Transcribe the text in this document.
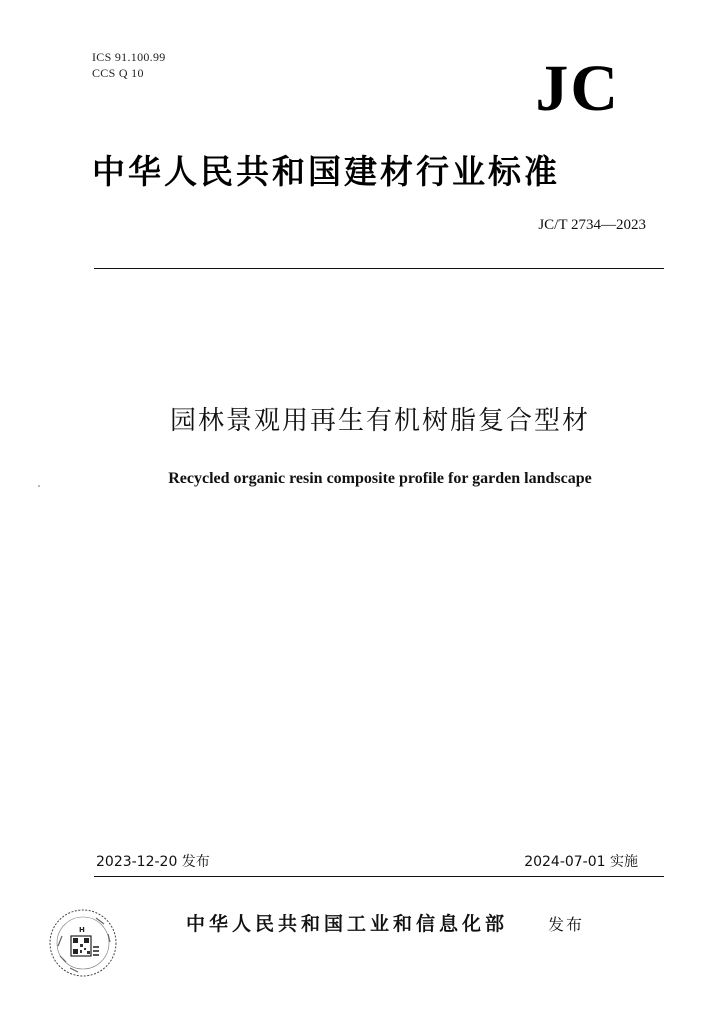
ICS 91.100.99
CCS Q 10	JC
中华人民共和国建材行业标准
JC/T 2734—2023
园林景观用再生有机树脂复合型材
Recycled organic resin composite profile for garden landscape
2023-12-20 发布	2024-07-01 实施
H	中华人民共和国工业和信息化部 发布
